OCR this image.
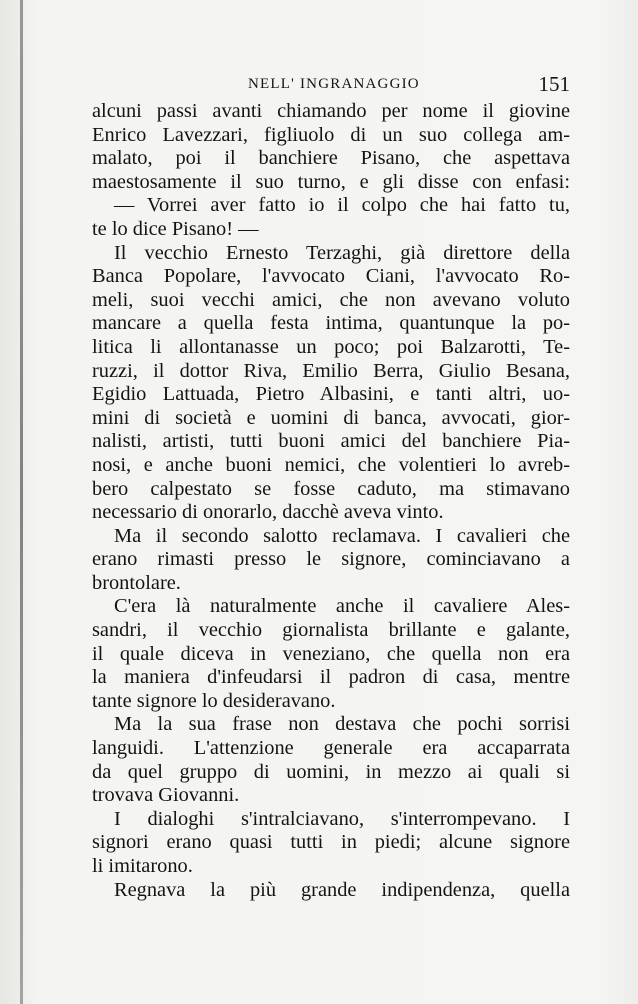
NELL' INGRANAGGIO	151
alcuni passi avanti chiamando per nome il giovine
Enrico Lavezzari, figliuolo di un suo collega am-
malato, poi il banchiere Pisano, che aspettava
maestosamente il suo turno, e gli disse con enfasi:
— Vorrei aver fatto io il colpo che hai fatto tu,
te lo dice Pisano! —
Il vecchio Ernesto Terzaghi, già direttore della
Banca Popolare, l'avvocato Ciani, l'avvocato Ro-
meli, suoi vecchi amici, che non avevano voluto
mancare a quella festa intima, quantunque la po-
litica li allontanasse un poco; poi Balzarotti, Te-
ruzzi, il dottor Riva, Emilio Berra, Giulio Besana,
Egidio Lattuada, Pietro Albasini, e tanti altri, uo-
mini di società e uomini di banca, avvocati, gior-
nalisti, artisti, tutti buoni amici del banchiere Pia-
nosi, e anche buoni nemici, che volentieri lo avreb-
bero calpestato se fosse caduto, ma stimavano
necessario di onorarlo, dacchè aveva vinto.
Ma il secondo salotto reclamava. I cavalieri che
erano rimasti presso le signore, cominciavano a
brontolare.
C'era là naturalmente anche il cavaliere Ales-
sandri, il vecchio giornalista brillante e galante,
il quale diceva in veneziano, che quella non era
la maniera d'infeudarsi il padron di casa, mentre
tante signore lo desideravano.
Ma la sua frase non destava che pochi sorrisi
languidi. L'attenzione generale era accaparrata
da quel gruppo di uomini, in mezzo ai quali si
trovava Giovanni.
I dialoghi s'intralciavano, s'interrompevano. I
signori erano quasi tutti in piedi; alcune signore
li imitarono.
Regnava la più grande indipendenza, quella
